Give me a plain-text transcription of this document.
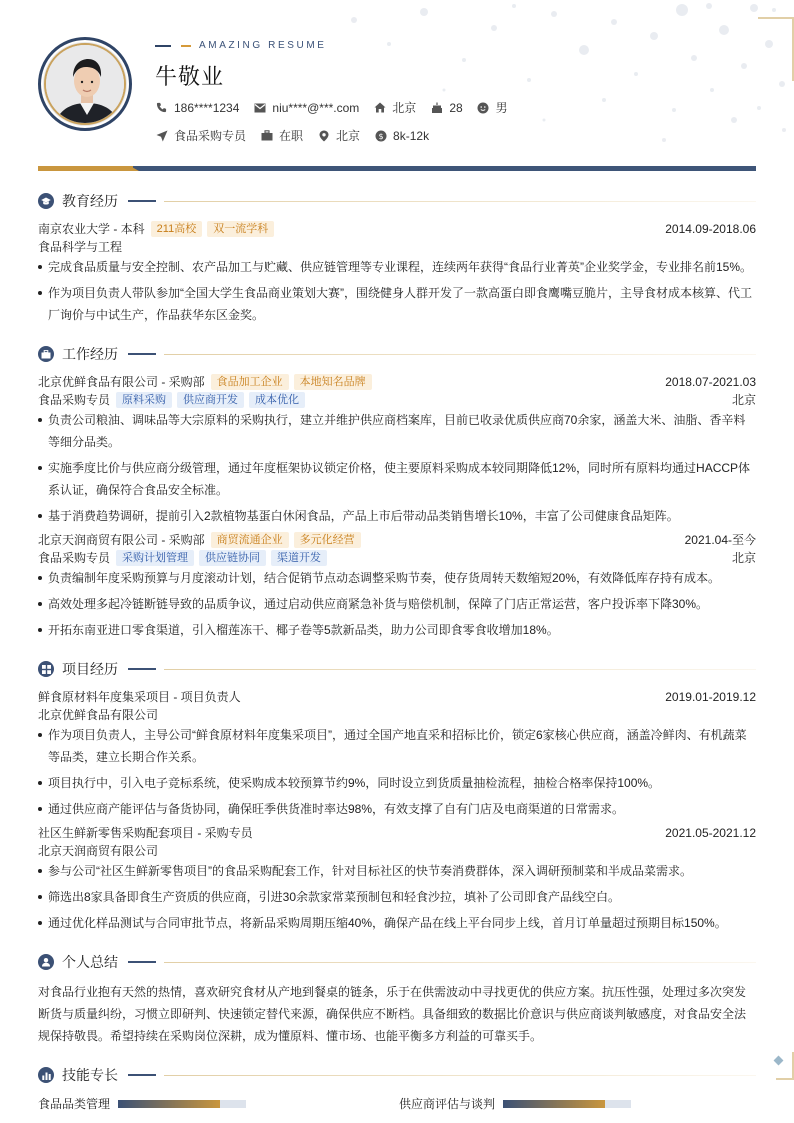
AMAZING RESUME
牛敬业
186****1234	niu****@***.com	北京	28	男
食品采购专员	在职	北京 $ 8k-12k
教育经历
南京农业大学 - 本科	211高校	双一流学科	2014.09-2018.06
食品科学与工程
完成食品质量与安全控制、农产品加工与贮藏、供应链管理等专业课程，连续两年获得“食品行业菁英”企业奖学金，专业排名前15%。
作为项目负责人带队参加“全国大学生食品商业策划大赛”，围绕健身人群开发了一款高蛋白即食鹰嘴豆脆片，主导食材成本核算、代工厂询价与中试生产，作品获华东区金奖。
工作经历
北京优鲜食品有限公司 - 采购部	食品加工企业	本地知名品牌	2018.07-2021.03
食品采购专员	原料采购	供应商开发	成本优化	北京
负责公司粮油、调味品等大宗原料的采购执行，建立并维护供应商档案库，目前已收录优质供应商70余家，涵盖大米、油脂、香辛料等细分品类。
实施季度比价与供应商分级管理，通过年度框架协议锁定价格，使主要原料采购成本较同期降低12%，同时所有原料均通过HACCP体系认证，确保符合食品安全标准。
基于消费趋势调研，提前引入2款植物基蛋白休闲食品，产品上市后带动品类销售增长10%，丰富了公司健康食品矩阵。
北京天润商贸有限公司 - 采购部	商贸流通企业	多元化经营	2021.04-至今
食品采购专员	采购计划管理	供应链协同	渠道开发	北京
负责编制年度采购预算与月度滚动计划，结合促销节点动态调整采购节奏，使存货周转天数缩短20%，有效降低库存持有成本。
高效处理多起冷链断链导致的品质争议，通过启动供应商紧急补货与赔偿机制，保障了门店正常运营，客户投诉率下降30%。
开拓东南亚进口零食渠道，引入榴莲冻干、椰子卷等5款新品类，助力公司即食零食收增加18%。
项目经历
鲜食原材料年度集采项目 - 项目负责人	2019.01-2019.12
北京优鲜食品有限公司
作为项目负责人，主导公司“鲜食原材料年度集采项目”，通过全国产地直采和招标比价，锁定6家核心供应商，涵盖冷鲜肉、有机蔬菜等品类，建立长期合作关系。
项目执行中，引入电子竞标系统，使采购成本较预算节约9%，同时设立到货质量抽检流程，抽检合格率保持100%。
通过供应商产能评估与备货协同，确保旺季供货准时率达98%，有效支撑了自有门店及电商渠道的日常需求。
社区生鲜新零售采购配套项目 - 采购专员	2021.05-2021.12
北京天润商贸有限公司
参与公司“社区生鲜新零售项目”的食品采购配套工作，针对目标社区的快节奏消费群体，深入调研预制菜和半成品菜需求。
筛选出8家具备即食生产资质的供应商，引进30余款家常菜预制包和轻食沙拉，填补了公司即食产品线空白。
通过优化样品测试与合同审批节点，将新品采购周期压缩40%，确保产品在线上平台同步上线，首月订单量超过预期目标150%。
个人总结
对食品行业抱有天然的热情，喜欢研究食材从产地到餐桌的链条，乐于在供需波动中寻找更优的供应方案。抗压性强，处理过多次突发断货与质量纠纷，习惯立即研判、快速锁定替代来源，确保供应不断档。具备细致的数据比价意识与供应商谈判敏感度，对食品安全法规保持敬畏。希望持续在采购岗位深耕，成为懂原料、懂市场、也能平衡多方利益的可靠买手。
技能专长
食品品类管理	供应商评估与谈判
